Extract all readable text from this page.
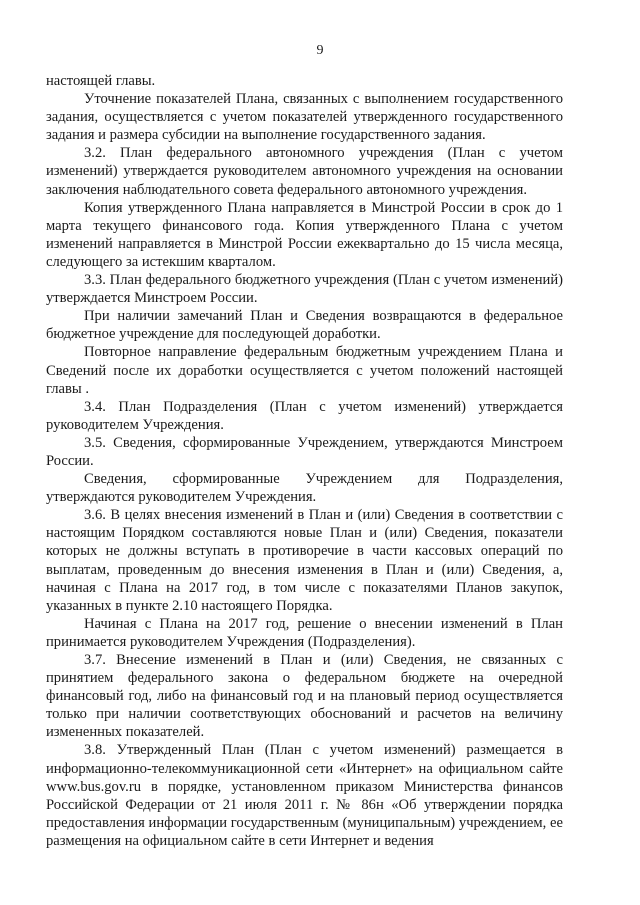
9

настоящей главы.

Уточнение показателей Плана, связанных с выполнением государственного задания, осуществляется с учетом показателей утвержденного государственного задания и размера субсидии на выполнение государственного задания.

3.2. План федерального автономного учреждения (План с учетом изменений) утверждается руководителем автономного учреждения на основании заключения наблюдательного совета федерального автономного учреждения.

Копия утвержденного Плана направляется в Минстрой России в срок до 1 марта текущего финансового года. Копия утвержденного Плана с учетом изменений направляется в Минстрой России ежеквартально до 15 числа месяца, следующего за истекшим кварталом.

3.3. План федерального бюджетного учреждения (План с учетом изменений) утверждается Минстроем России.

При наличии замечаний План и Сведения возвращаются в федеральное бюджетное учреждение для последующей доработки.

Повторное направление федеральным бюджетным учреждением Плана и Сведений после их доработки осуществляется с учетом положений настоящей главы .

3.4. План Подразделения (План с учетом изменений) утверждается руководителем Учреждения.

3.5. Сведения, сформированные Учреждением, утверждаются Минстроем России.

Сведения, сформированные Учреждением для Подразделения, утверждаются руководителем Учреждения.

3.6. В целях внесения изменений в План и (или) Сведения в соответствии с настоящим Порядком составляются новые План и (или) Сведения, показатели которых не должны вступать в противоречие в части кассовых операций по выплатам, проведенным до внесения изменения в План и (или) Сведения, а, начиная с Плана на 2017 год, в том числе с показателями Планов закупок, указанных в пункте 2.10 настоящего Порядка.

Начиная с Плана на 2017 год, решение о внесении изменений в План принимается руководителем Учреждения (Подразделения).

3.7. Внесение изменений в План и (или) Сведения, не связанных с принятием федерального закона о федеральном бюджете на очередной финансовый год, либо на финансовый год и на плановый период осуществляется только при наличии соответствующих обоснований и расчетов на величину измененных показателей.

3.8. Утвержденный План (План с учетом изменений) размещается в информационно-телекоммуникационной сети «Интернет» на официальном сайте www.bus.gov.ru в порядке, установленном приказом Министерства финансов Российской Федерации от 21 июля 2011 г. № 86н «Об утверждении порядка предоставления информации государственным (муниципальным) учреждением, ее размещения на официальном сайте в сети Интернет и ведения
